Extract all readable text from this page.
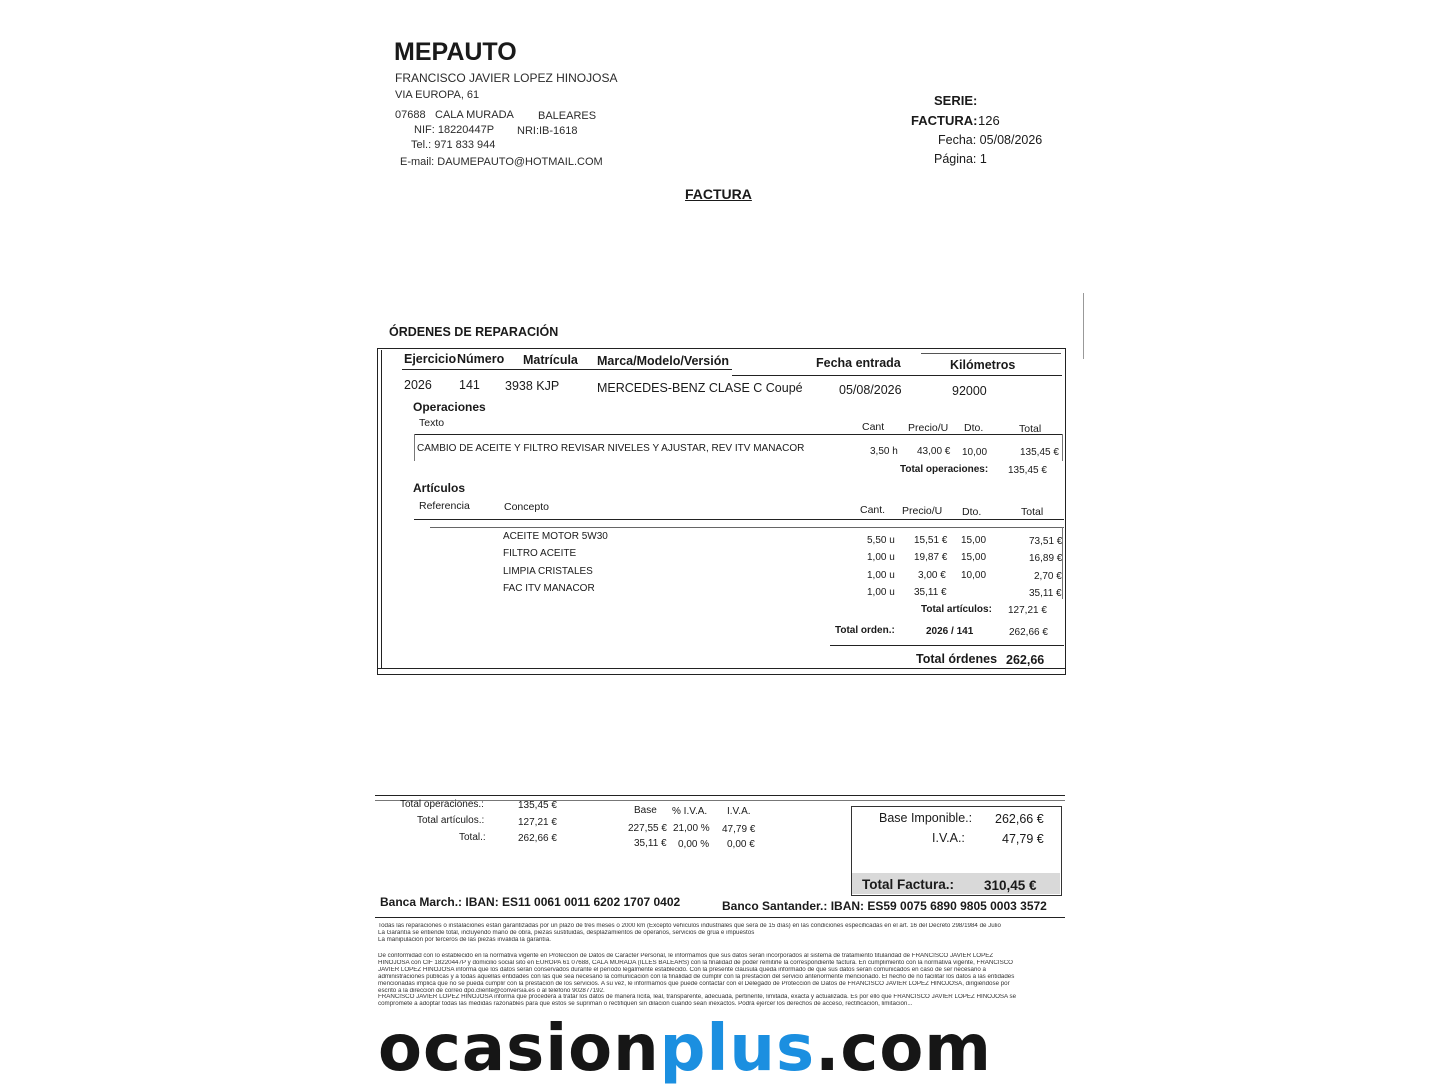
MEPAUTO
FRANCISCO JAVIER LOPEZ HINOJOSA
VIA EUROPA, 61
07688 CALA MURADA BALEARES
NIF: 18220447P NRI:IB-1618
Tel.: 971 833 944
E-mail: DAUMEPAUTO@HOTMAIL.COM
SERIE:
FACTURA: 126
Fecha: 05/08/2026
Página: 1
FACTURA
ÓRDENES DE REPARACIÓN
Ejercicio Número Matrícula Marca/Modelo/Versión	Fecha entrada	Kilómetros
2026 141 3938 KJP	MERCEDES-BENZ CLASE C Coupé	05/08/2026	92000
Operaciones
Texto	Cant Precio/U Dto.	Total
CAMBIO DE ACEITE Y FILTRO REVISAR NIVELES Y AJUSTAR, REV ITV MANACOR	3,50 h 43,00 € 10,00	135,45 €
Total operaciones: 135,45 €
Artículos
Referencia	Concepto	Cant. Precio/U Dto.	Total
ACEITE MOTOR 5W30	5,50 u 15,51 € 15,00	73,51 €
FILTRO ACEITE	1,00 u 19,87 € 15,00	16,89 €
LIMPIA CRISTALES	1,00 u 3,00 € 10,00	2,70 €
FAC ITV MANACOR	1,00 u 35,11 €	35,11 €
Total artículos: 127,21 €
Total orden.:	2026 / 141	262,66 €
Total órdenes 262,66
Total operaciones.:	135,45 €
Total artículos.:	127,21 €
Total.:	262,66 €
Base % I.V.A. I.V.A.
227,55 € 21,00 % 47,79 €
35,11 € 0,00 % 0,00 €
Base Imponible.: 262,66 €
I.V.A.:	47,79 €
Total Factura.: 310,45 €
Banca March.: IBAN: ES11 0061 0011 6202 1707 0402	Banco Santander.: IBAN: ES59 0075 6890 9805 0003 3572
Todas las reparaciones o instalaciones están garantizadas por un plazo de tres meses o 2000 km (Excepto vehículos industriales que será de 15 días) en las condiciones especificadas en el art. 16 del Decreto 298/1984 de Julio
La Garantía se entiende total, incluyendo mano de obra, piezas sustituidas, desplazamientos de operarios, servicios de grúa e impuestos
La manipulación por terceros de las piezas invalida la garantía.
De conformidad con lo establecido en la normativa vigente en Protección de Datos de Carácter Personal, le informamos que sus datos serán incorporados al sistema de tratamiento titularidad de FRANCISCO JAVIER LOPEZ
HINOJOSA con CIF 18220447P y domicilio social sito en EUROPA 61 07688, CALA MURADA (ILLES BALEARS) con la finalidad de poder remitirle la correspondiente factura. En cumplimiento con la normativa vigente, FRANCISCO
JAVIER LOPEZ HINOJOSA informa que los datos serán conservados durante el período legalmente establecido. Con la presente cláusula queda informado de que sus datos serán comunicados en caso de ser necesario a
administraciones públicas y a todas aquellas entidades con las que sea necesario la comunicación con la finalidad de cumplir con la prestación del servicio anteriormente mencionado. El hecho de no facilitar los datos a las entidades
mencionadas implica que no se pueda cumplir con la prestación de los servicios. A su vez, le informamos que puede contactar con el Delegado de Protección de Datos de FRANCISCO JAVIER LOPEZ HINOJOSA, dirigiéndose por
escrito a la dirección de correo dpo.cliente@conversia.es o al teléfono 902877192.
FRANCISCO JAVIER LOPEZ HINOJOSA informa que procederá a tratar los datos de manera lícita, leal, transparente, adecuada, pertinente, limitada, exacta y actualizada. Es por ello que FRANCISCO JAVIER LOPEZ HINOJOSA se
compromete a adoptar todas las medidas razonables para que estos se supriman o rectifiquen sin dilación cuando sean inexactos. Podrá ejercer los derechos de acceso, rectificación, limitación...
ocasionplus.com
